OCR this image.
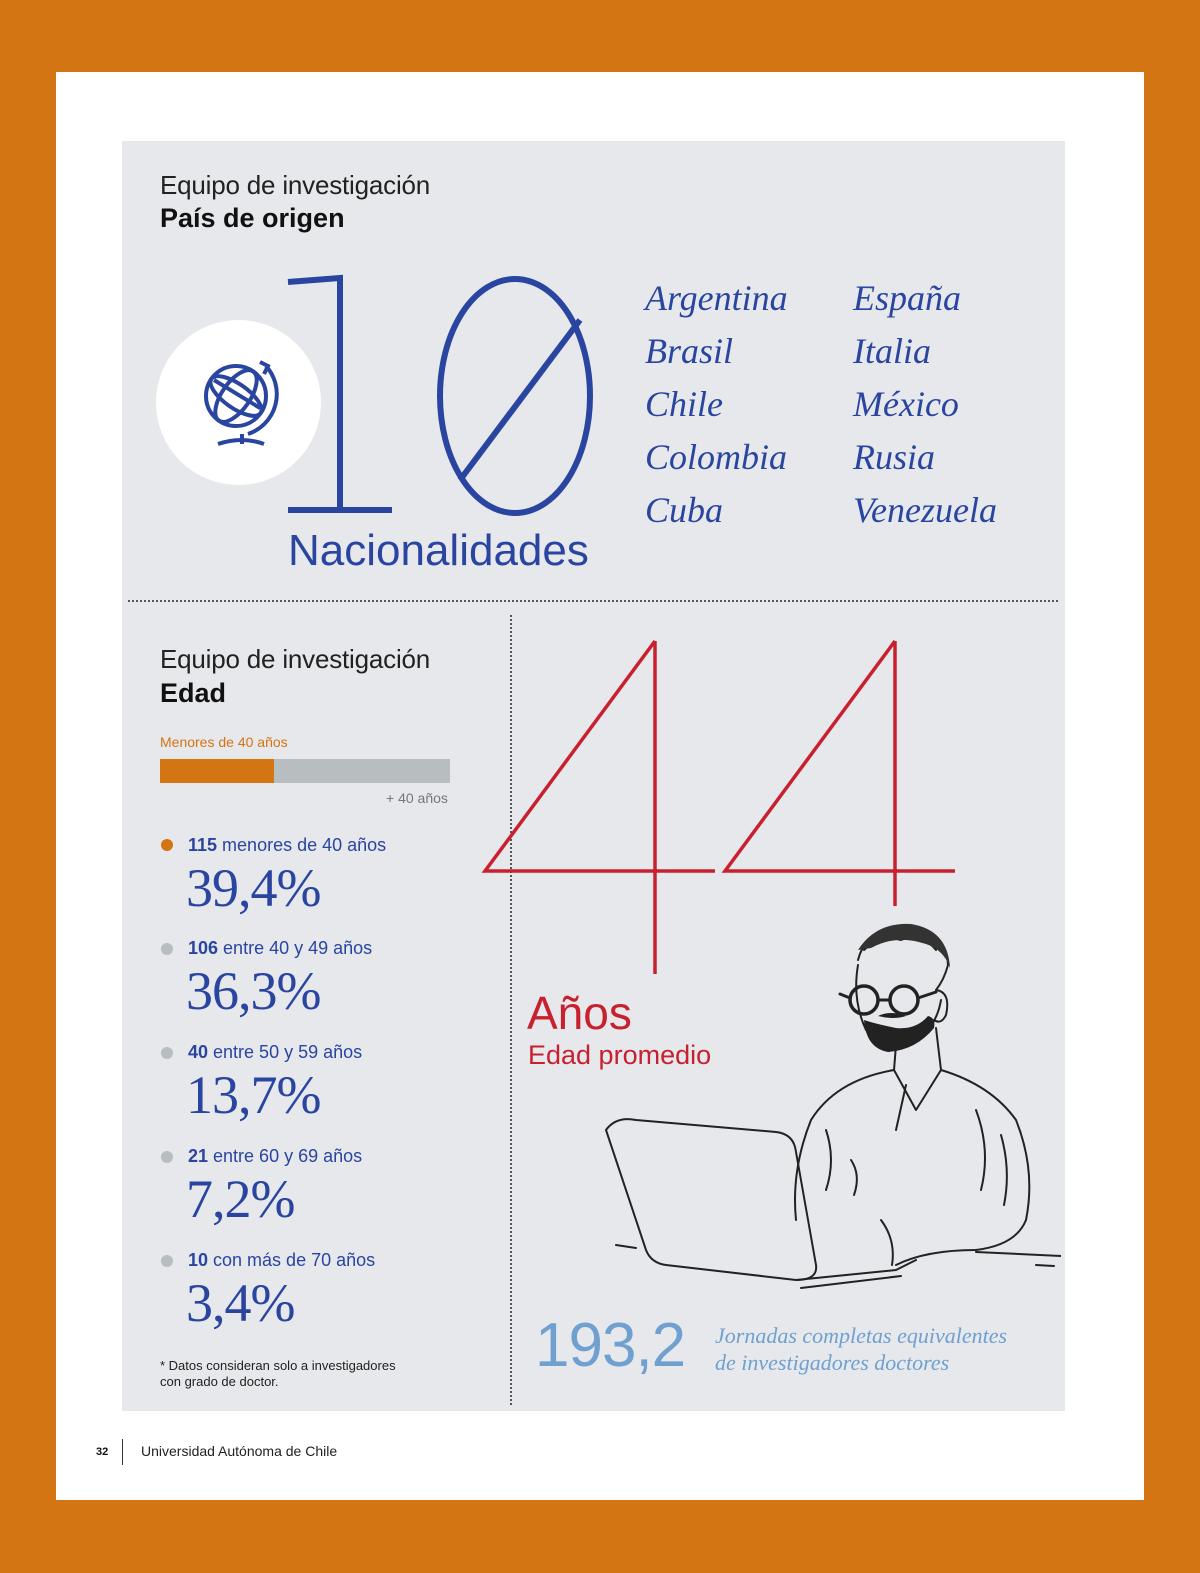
Equipo de investigación
País de origen
Nacionalidades
Argentina
Brasil
Chile
Colombia
Cuba
España
Italia
México
Rusia
Venezuela
Equipo de investigación
Edad
Menores de 40 años
+ 40 años
115 menores de 40 años
39,4%
106 entre 40 y 49 años
36,3%
40 entre 50 y 59 años
13,7%
21 entre 60 y 69 años
7,2%
10 con más de 70 años
3,4%
* Datos consideran solo a investigadores
con grado de doctor.
Años
Edad promedio
193,2 Jornadas completas equivalentes
de investigadores doctores
32 Universidad Autónoma de Chile
